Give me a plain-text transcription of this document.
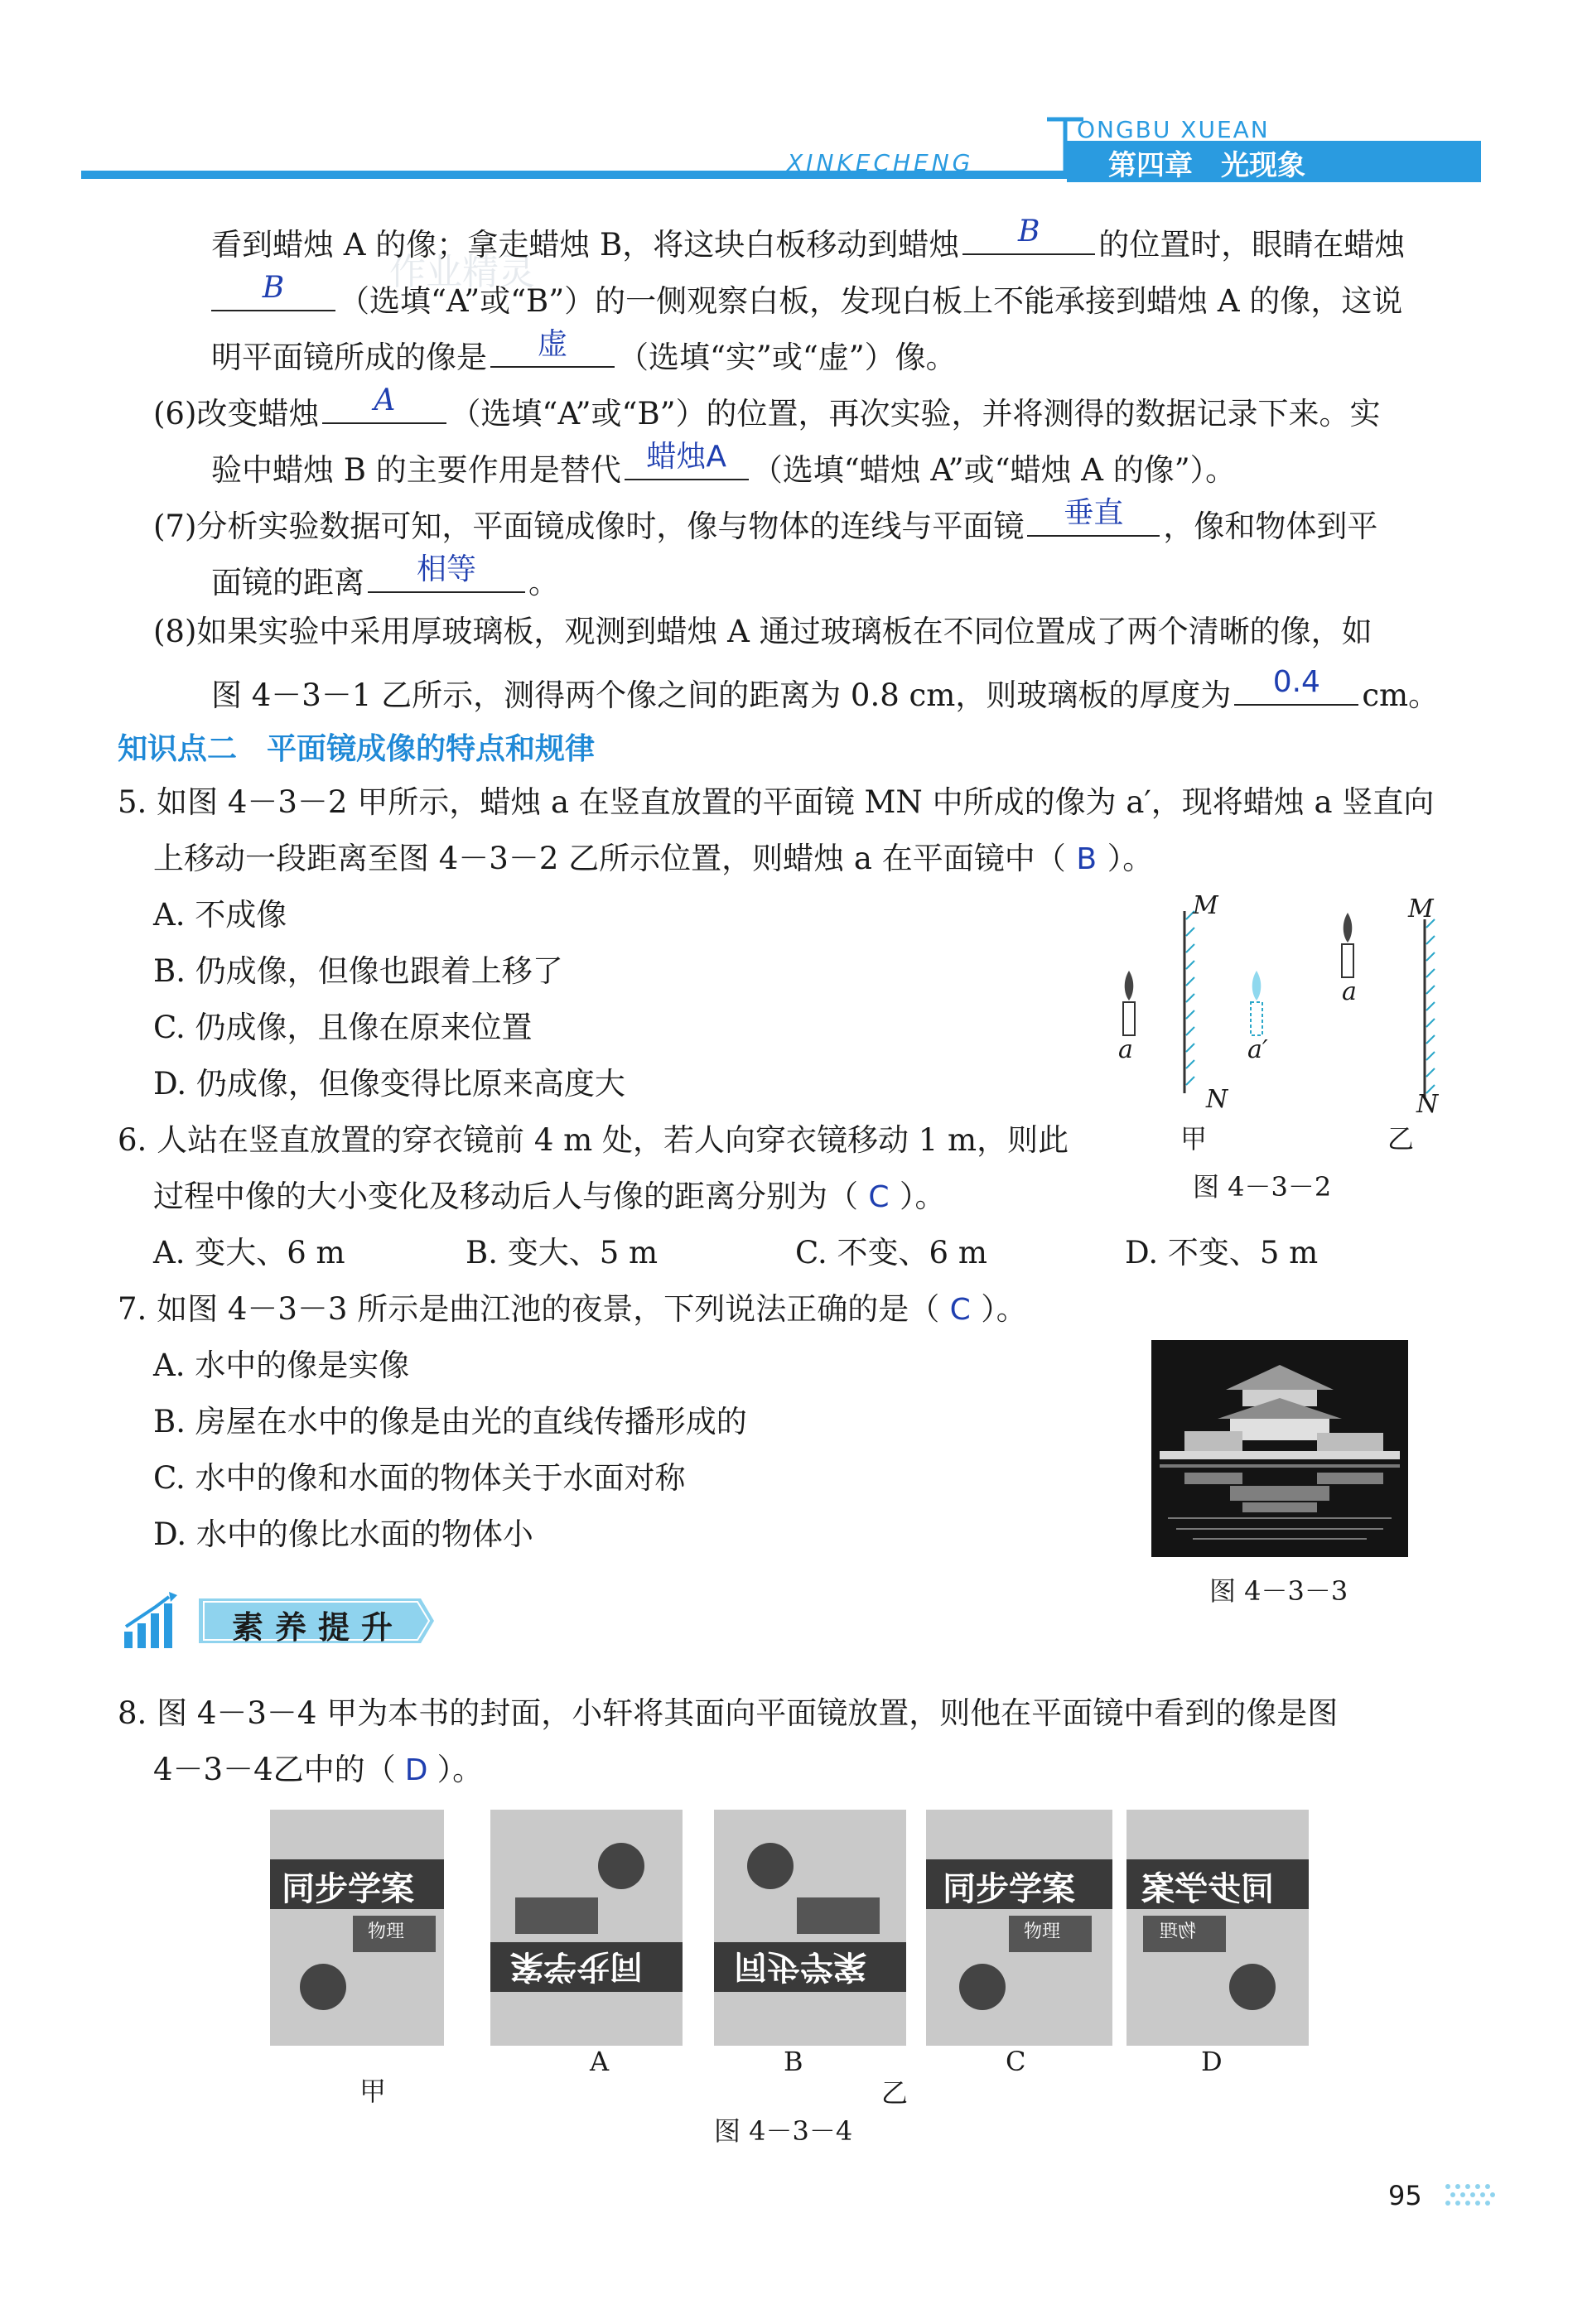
第四章　光现象
ONGBU XUEAN
XINKECHENG
作业精灵
看到蜡烛 A 的像；拿走蜡烛 B，将这块白板移动到蜡烛	B	的位置时，眼睛在蜡烛
B	（选填“A”或“B”）的一侧观察白板，发现白板上不能承接到蜡烛 A 的像，这说
明平面镜所成的像是	虚	（选填“实”或“虚”）像。
(6)改变蜡烛	A	（选填“A”或“B”）的位置，再次实验，并将测得的数据记录下来。实
验中蜡烛 B 的主要作用是替代 蜡烛A （选填“蜡烛 A”或“蜡烛 A 的像”）。
(7)分析实验数据可知，平面镜成像时，像与物体的连线与平面镜	垂直	，像和物体到平
面镜的距离	相等	。
(8)如果实验中采用厚玻璃板，观测到蜡烛 A 通过玻璃板在不同位置成了两个清晰的像，如
图 4－3－1 乙所示，测得两个像之间的距离为 0.8 cm，则玻璃板的厚度为	0.4	cm。
知识点二　平面镜成像的特点和规律
5. 如图 4－3－2 甲所示，蜡烛 a 在竖直放置的平面镜 MN 中所成的像为 a′，现将蜡烛 a 竖直向
上移动一段距离至图 4－3－2 乙所示位置，则蜡烛 a 在平面镜中（ B ）。
A. 不成像
B. 仍成像，但像也跟着上移了
C. 仍成像，且像在原来位置
D. 仍成像，但像变得比原来高度大
M
N
a	a′
a
M
N
甲	乙
图 4－3－2
6. 人站在竖直放置的穿衣镜前 4 m 处，若人向穿衣镜移动 1 m，则此
过程中像的大小变化及移动后人与像的距离分别为（ C ）。
A. 变大、6 m	B. 变大、5 m	C. 不变、6 m	D. 不变、5 m
7. 如图 4－3－3 所示是曲江池的夜景，下列说法正确的是（ C ）。
A. 水中的像是实像
B. 房屋在水中的像是由光的直线传播形成的
C. 水中的像和水面的物体关于水面对称
D. 水中的像比水面的物体小
图 4－3－3
素养提升
8. 图 4－3－4 甲为本书的封面，小轩将其面向平面镜放置，则他在平面镜中看到的像是图
4－3－4乙中的（ D ）。
同步学案
物理
同步学案	同步学案
同步学案
物理
同步学案
物理
甲
A	B
乙
C	D
图 4－3－4
95
